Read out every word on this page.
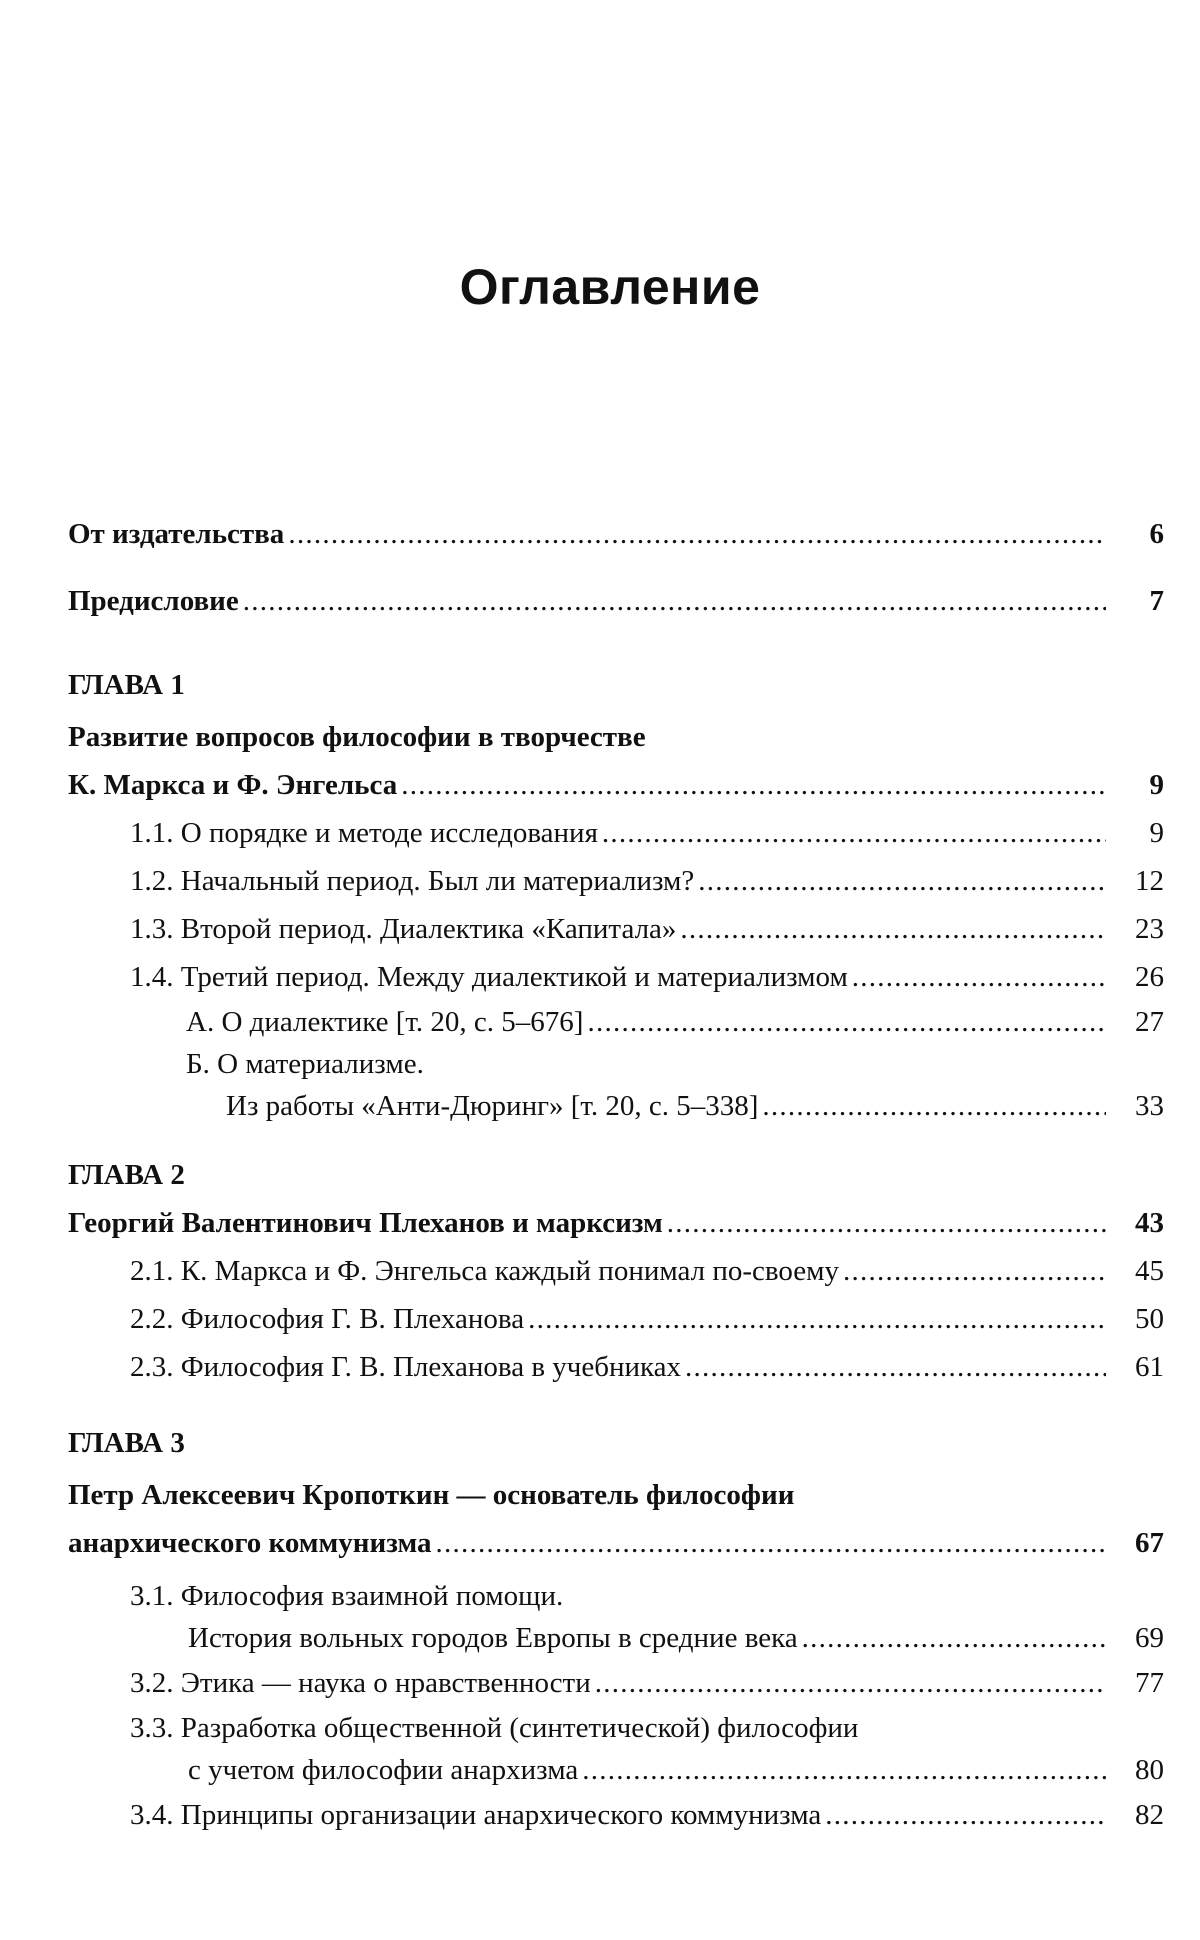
Оглавление
От издательства . . .	6
Предисловие . . .	7
ГЛАВА 1
Развитие вопросов философии в творчестве
К. Маркса и Ф. Энгельса . . .	9
1.1. О порядке и методе исследования . . .	9
1.2. Начальный период. Был ли материализм? . . .	12
1.3. Второй период. Диалектика «Капитала» . . .	23
1.4. Третий период. Между диалектикой и материализмом . . .	26
А. О диалектике [т. 20, с. 5–676] . . .	27
Б. О материализме.
Из работы «Анти-Дюринг» [т. 20, с. 5–338] . . .	33
ГЛАВА 2
Георгий Валентинович Плеханов и марксизм . . .	43
2.1. К. Маркса и Ф. Энгельса каждый понимал по-своему . . .	45
2.2. Философия Г. В. Плеханова . . .	50
2.3. Философия Г. В. Плеханова в учебниках . . .	61
ГЛАВА 3
Петр Алексеевич Кропоткин — основатель философии
анархического коммунизма . . .	67
3.1. Философия взаимной помощи.
История вольных городов Европы в средние века . . .	69
3.2. Этика — наука о нравственности . . .	77
3.3. Разработка общественной (синтетической) философии
с учетом философии анархизма . . .	80
3.4. Принципы организации анархического коммунизма . . .	82
